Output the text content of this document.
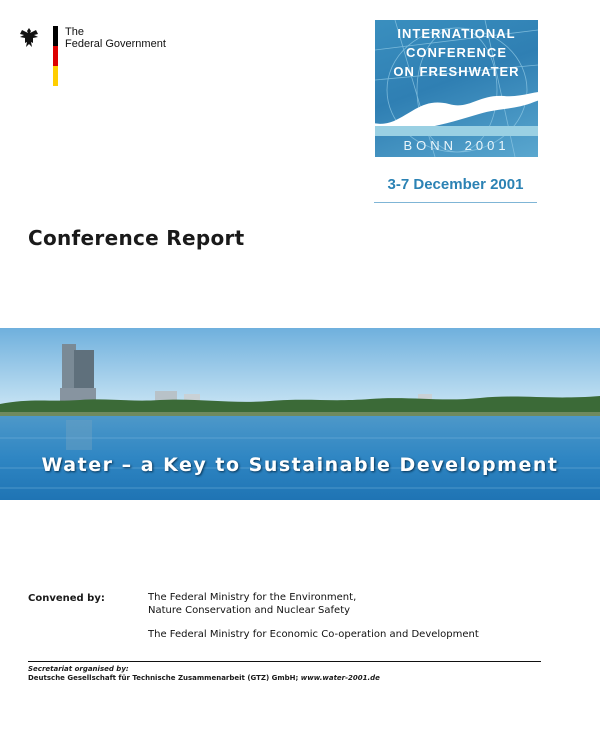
The
Federal Government
INTERNATIONAL
CONFERENCE
ON FRESHWATER
BONN 2001
3-7 December 2001
Conference Report
Water – a Key to Sustainable Development
Convened by:	The Federal Ministry for the Environment,
Nature Conservation and Nuclear Safety
The Federal Ministry for Economic Co-operation and Development
Secretariat organised by:
Deutsche Gesellschaft für Technische Zusammenarbeit (GTZ) GmbH; www.water-2001.de
